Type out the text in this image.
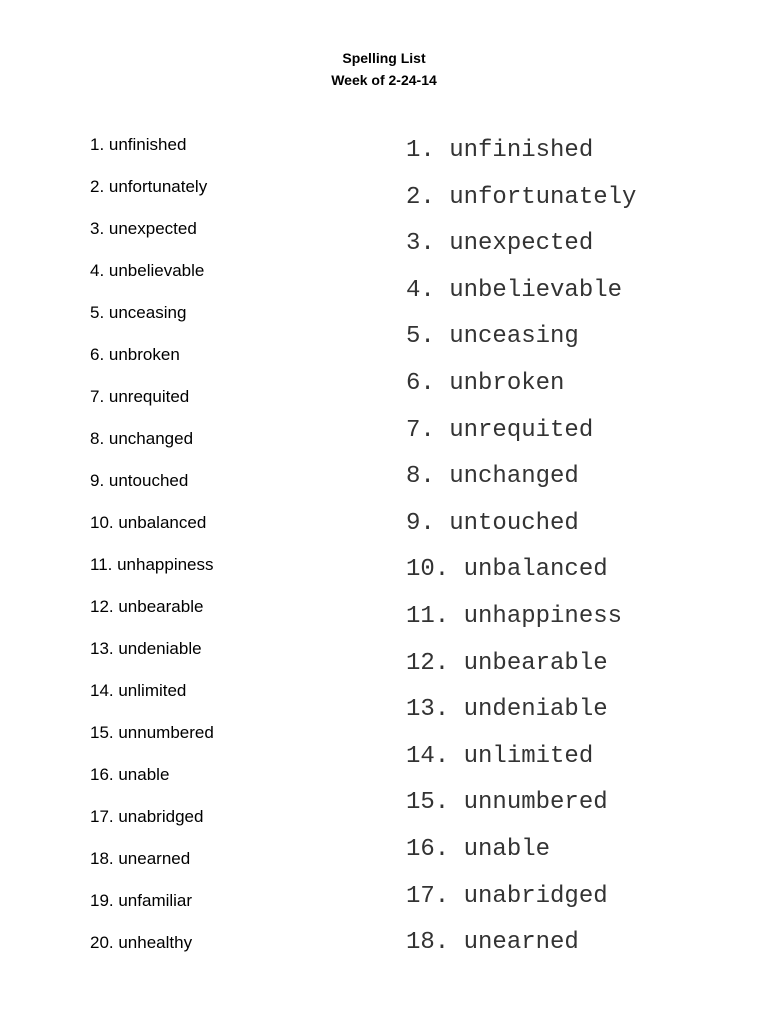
Spelling List
Week of 2-24-14
1. unfinished
2. unfortunately
3. unexpected
4. unbelievable
5. unceasing
6. unbroken
7. unrequited
8. unchanged
9. untouched
10. unbalanced
11. unhappiness
12. unbearable
13. undeniable
14. unlimited
15. unnumbered
16. unable
17. unabridged
18. unearned
19. unfamiliar
20. unhealthy
1. unfinished
2. unfortunately
3. unexpected
4. unbelievable
5. unceasing
6. unbroken
7. unrequited
8. unchanged
9. untouched
10. unbalanced
11. unhappiness
12. unbearable
13. undeniable
14. unlimited
15. unnumbered
16. unable
17. unabridged
18. unearned
